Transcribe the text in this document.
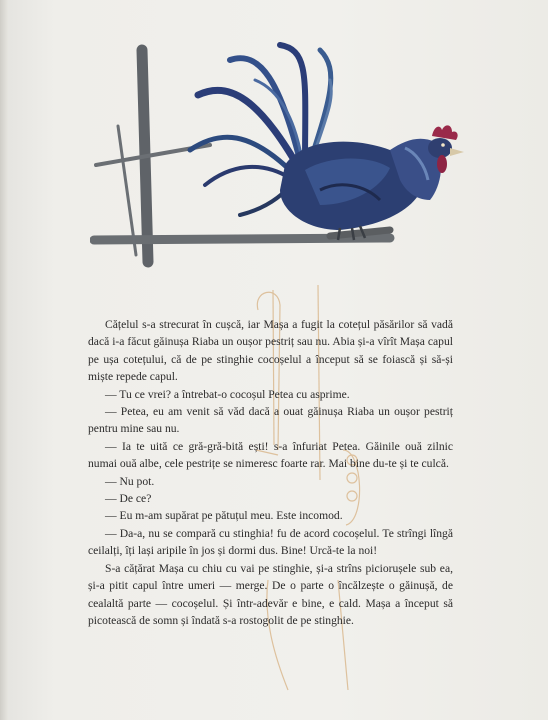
Cățelul s-a strecurat în cușcă, iar Mașa a fugit la cotețul păsărilor să vadă dacă i-a făcut găinușa Riaba un oușor pestriț sau nu. Abia și-a vîrît Mașa capul pe ușa cotețului, că de pe stinghie cocoșelul a început să se foiască și să-și miște repede capul.

— Tu ce vrei? a întrebat-o cocoșul Petea cu asprime.

— Petea, eu am venit să văd dacă a ouat găinușa Riaba un oușor pestriț pentru mine sau nu.

— Ia te uită ce gră-gră-bită ești! s-a înfuriat Petea. Găinile ouă zilnic numai ouă albe, cele pestrițe se nimeresc foarte rar. Mai bine du-te și te culcă.

— Nu pot.

— De ce?

— Eu m-am supărat pe pătuțul meu. Este incomod.

— Da-a, nu se compară cu stinghia! fu de acord cocoșelul. Te strîngi lîngă ceilalți, îți lași aripile în jos și dormi dus. Bine! Urcă-te la noi!

S-a cățărat Mașa cu chiu cu vai pe stinghie, și-a strîns piciorușele sub ea, și-a pitit capul între umeri — merge. De o parte o încălzește o găinușă, de cealaltă parte — cocoșelul. Și într-adevăr e bine, e cald. Mașa a început să picotească de somn și îndată s-a rostogolit de pe stinghie.
